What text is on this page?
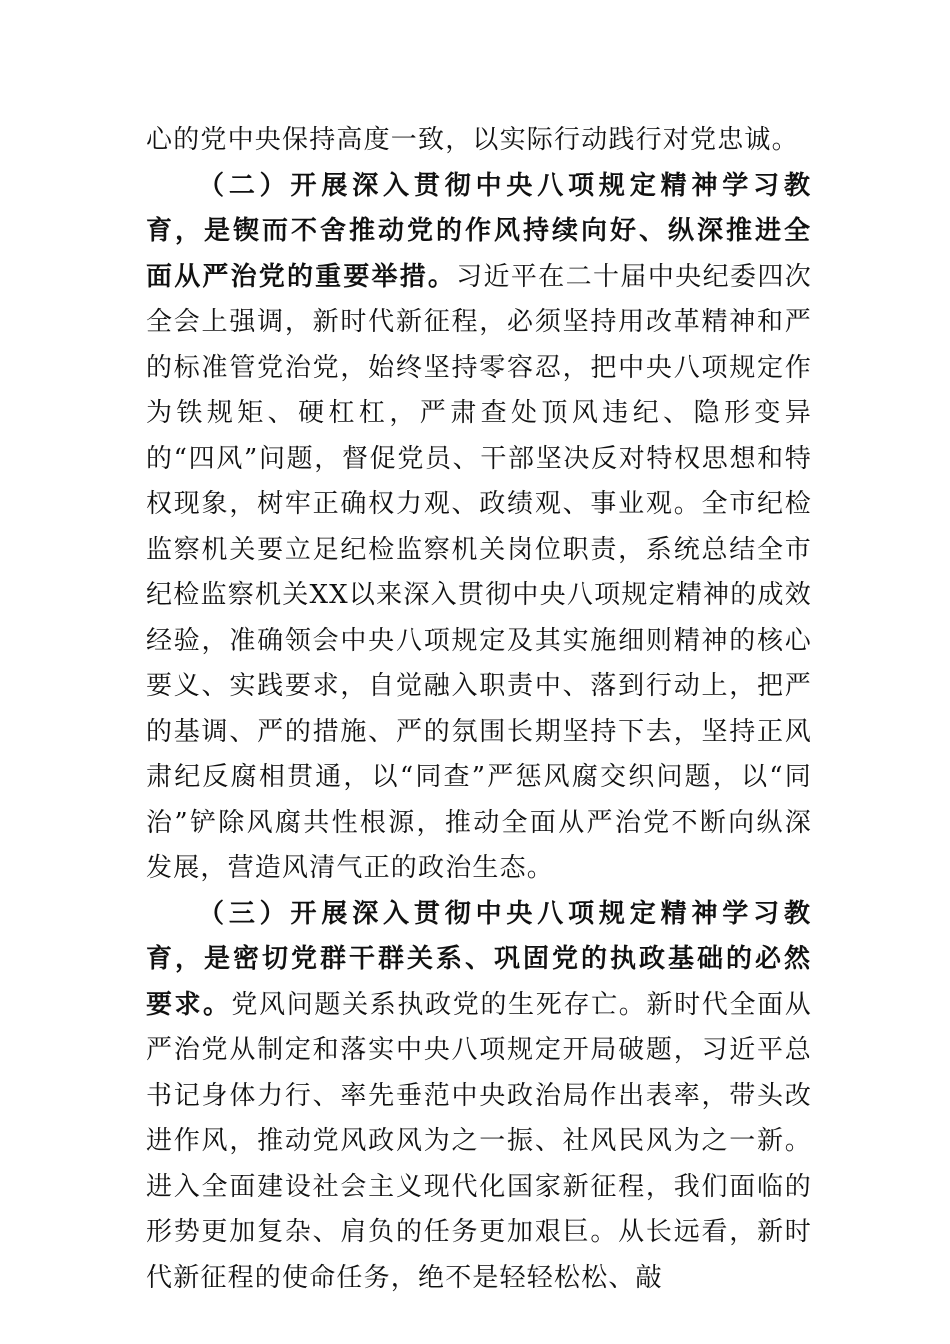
心的党中央保持高度一致，以实际行动践行对党忠诚。

（二）开展深入贯彻中央八项规定精神学习教育，是锲而不舍推动党的作风持续向好、纵深推进全面从严治党的重要举措。习近平在二十届中央纪委四次全会上强调，新时代新征程，必须坚持用改革精神和严的标准管党治党，始终坚持零容忍，把中央八项规定作为铁规矩、硬杠杠，严肃查处顶风违纪、隐形变异的“四风”问题，督促党员、干部坚决反对特权思想和特权现象，树牢正确权力观、政绩观、事业观。全市纪检监察机关要立足纪检监察机关岗位职责，系统总结全市纪检监察机关XX以来深入贯彻中央八项规定精神的成效经验，准确领会中央八项规定及其实施细则精神的核心要义、实践要求，自觉融入职责中、落到行动上，把严的基调、严的措施、严的氛围长期坚持下去，坚持正风肃纪反腐相贯通，以“同查”严惩风腐交织问题，以“同治”铲除风腐共性根源，推动全面从严治党不断向纵深发展，营造风清气正的政治生态。

（三）开展深入贯彻中央八项规定精神学习教育，是密切党群干群关系、巩固党的执政基础的必然要求。党风问题关系执政党的生死存亡。新时代全面从严治党从制定和落实中央八项规定开局破题，习近平总书记身体力行、率先垂范中央政治局作出表率，带头改进作风，推动党风政风为之一振、社风民风为之一新。进入全面建设社会主义现代化国家新征程，我们面临的形势更加复杂、肩负的任务更加艰巨。从长远看，新时代新征程的使命任务，绝不是轻轻松松、敲
